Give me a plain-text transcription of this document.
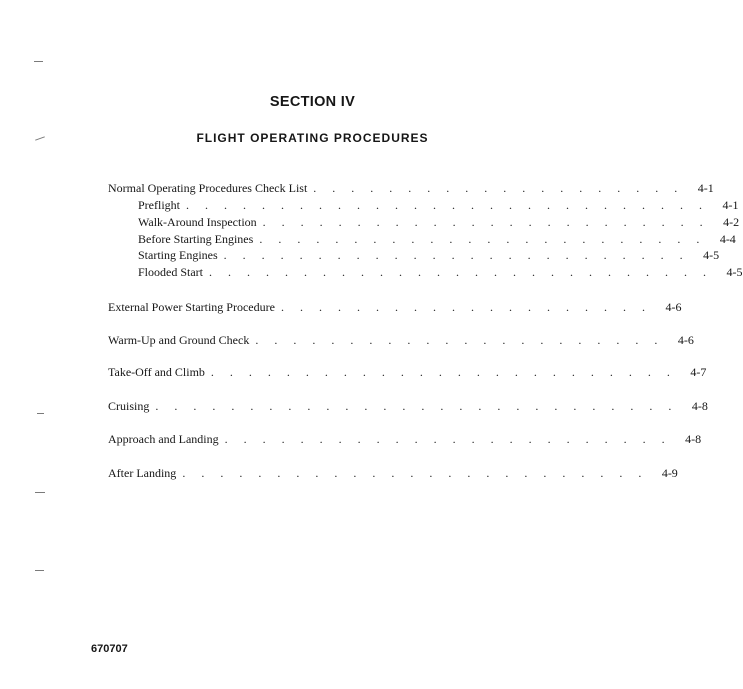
SECTION IV
FLIGHT OPERATING PROCEDURES
Normal Operating Procedures Check List . . . . . . . . . . . . . . . . . . . .	4-1
Preflight . . . . . . . . . . . . . . . . . . . . . . . . . . . .	4-1
Walk-Around Inspection . . . . . . . . . . . . . . . . . . . . . . . .	4-2
Before Starting Engines . . . . . . . . . . . . . . . . . . . . . . . .	4-4
Starting Engines . . . . . . . . . . . . . . . . . . . . . . . . .	4-5
Flooded Start . . . . . . . . . . . . . . . . . . . . . . . . . . .	4-5
External Power Starting Procedure . . . . . . . . . . . . . . . . . . . .	4-6
Warm-Up and Ground Check . . . . . . . . . . . . . . . . . . . . . .	4-6
Take-Off and Climb . . . . . . . . . . . . . . . . . . . . . . . . .	4-7
Cruising . . . . . . . . . . . . . . . . . . . . . . . . . . . .	4-8
Approach and Landing . . . . . . . . . . . . . . . . . . . . . . . .	4-8
After Landing . . . . . . . . . . . . . . . . . . . . . . . . .	4-9
670707
